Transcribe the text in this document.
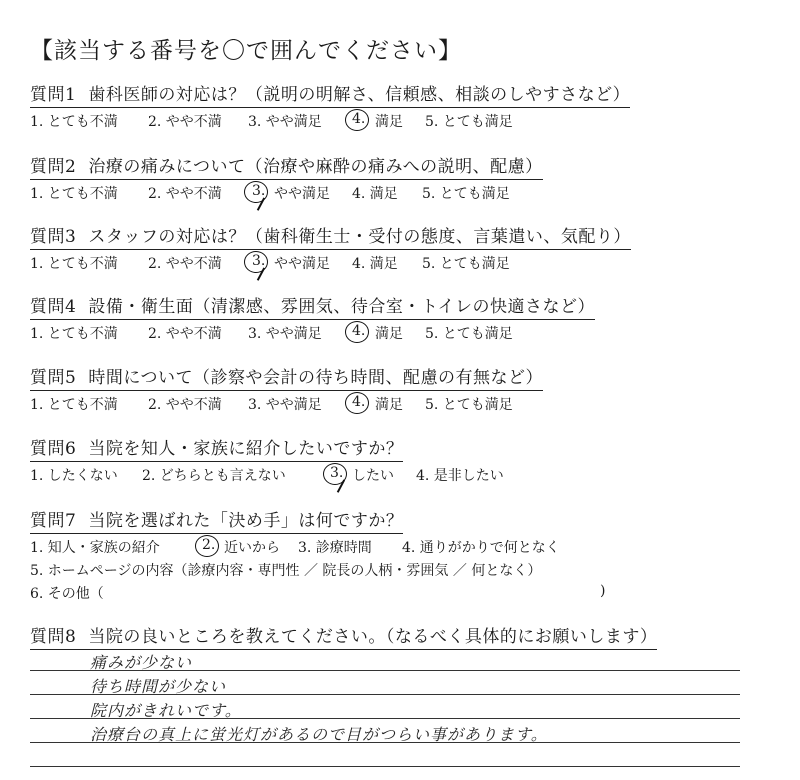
【該当する番号を〇で囲んでください】
質問1 歯科医師の対応は？（説明の明解さ、信頼感、相談のしやすさなど）
1. とても不満 2. やや不満 3. やや満足 4. 満足 5. とても満足
質問2 治療の痛みについて（治療や麻酔の痛みへの説明、配慮）
1. とても不満 2. やや不満 3. やや満足 4. 満足 5. とても満足
質問3 スタッフの対応は？（歯科衛生士・受付の態度、言葉遣い、気配り）
1. とても不満 2. やや不満 3. やや満足 4. 満足 5. とても満足
質問4 設備・衛生面（清潔感、雰囲気、待合室・トイレの快適さなど）
1. とても不満 2. やや不満 3. やや満足 4. 満足 5. とても満足
質問5 時間について（診察や会計の待ち時間、配慮の有無など）
1. とても不満 2. やや不満 3. やや満足 4. 満足 5. とても満足
質問6 当院を知人・家族に紹介したいですか？
1. したくない 2. どちらとも言えない	3. したい 4. 是非したい
質問7 当院を選ばれた「決め手」は何ですか？
1. 知人・家族の紹介	2. 近いから 3. 診療時間 4. 通りがかりで何となく
5. ホームページの内容（診療内容・専門性 ／ 院長の人柄・雰囲気 ／ 何となく）
6. その他（	)
質問8 当院の良いところを教えてください。（なるべく具体的にお願いします）
痛みが少ない
待ち時間が少ない
院内がきれいです。
治療台の真上に蛍光灯があるので目がつらい事があります。
